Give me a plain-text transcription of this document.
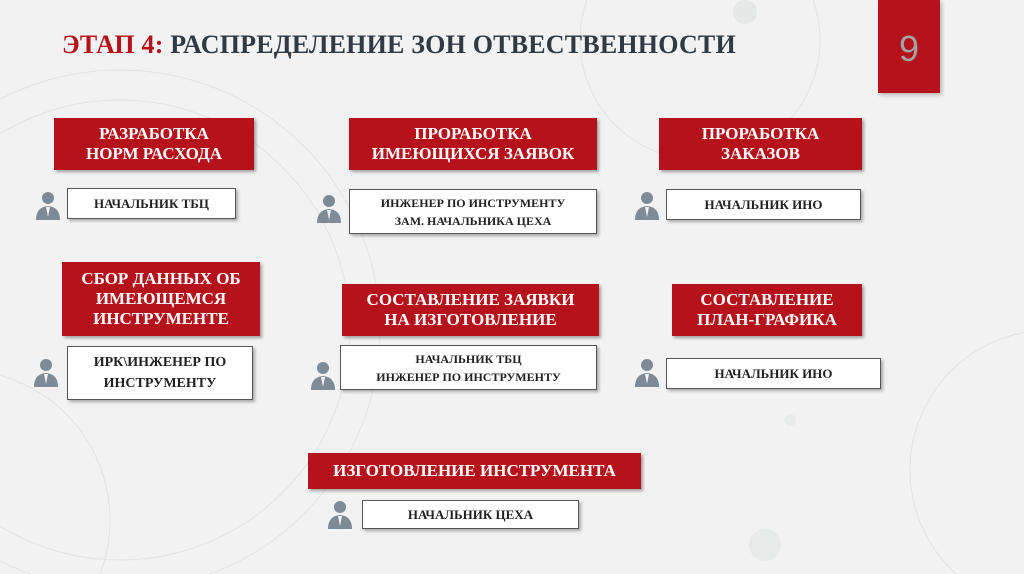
ЭТАП 4: РАСПРЕДЕЛЕНИЕ ЗОН ОТВЕСТВЕННОСТИ	9
РАЗРАБОТКА
НОРМ РАСХОДА
НАЧАЛЬНИК ТБЦ
ПРОРАБОТКА
ИМЕЮЩИХСЯ ЗАЯВОК
ИНЖЕНЕР ПО ИНСТРУМЕНТУ
ЗАМ. НАЧАЛЬНИКА ЦЕХА
ПРОРАБОТКА
ЗАКАЗОВ
НАЧАЛЬНИК ИНО
СБОР ДАННЫХ ОБ
ИМЕЮЩЕМСЯ
ИНСТРУМЕНТЕ
ИРК\ИНЖЕНЕР ПО
ИНСТРУМЕНТУ
СОСТАВЛЕНИЕ ЗАЯВКИ
НА ИЗГОТОВЛЕНИЕ
НАЧАЛЬНИК ТБЦ
ИНЖЕНЕР ПО ИНСТРУМЕНТУ
СОСТАВЛЕНИЕ
ПЛАН-ГРАФИКА
НАЧАЛЬНИК ИНО
ИЗГОТОВЛЕНИЕ ИНСТРУМЕНТА
НАЧАЛЬНИК ЦЕХА
